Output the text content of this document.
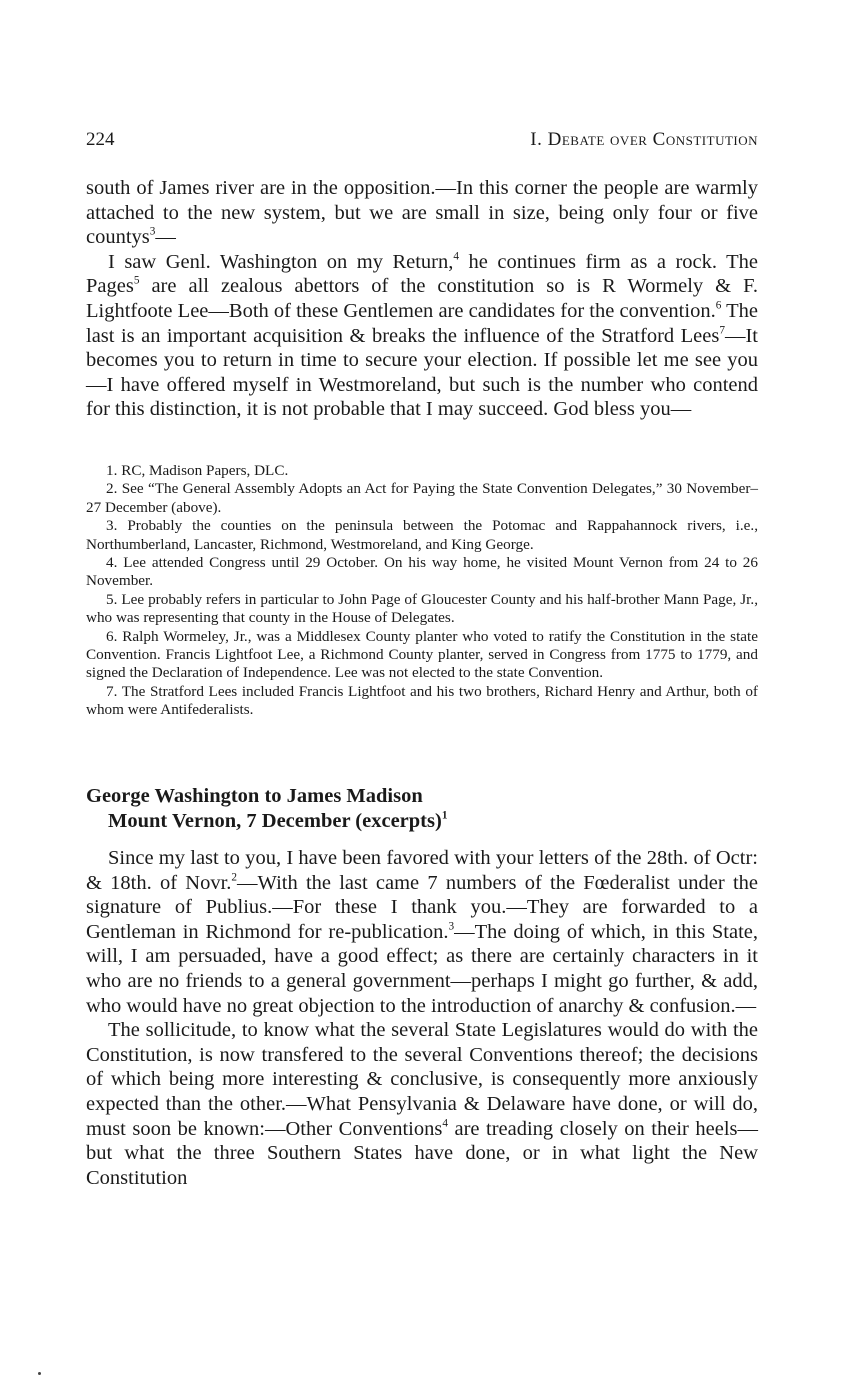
224	I. Debate over Constitution

south of James river are in the opposition.—In this corner the people are warmly attached to the new system, but we are small in size, being only four or five countys$^3$—

I saw Genl. Washington on my Return,$^4$ he continues firm as a rock. The Pages$^5$ are all zealous abettors of the constitution so is R Wormely & F. Lightfoote Lee—Both of these Gentlemen are candidates for the convention.$^6$ The last is an important acquisition & breaks the influence of the Stratford Lees$^7$—It becomes you to return in time to secure your election. If possible let me see you—I have offered myself in Westmoreland, but such is the number who contend for this distinction, it is not probable that I may succeed. God bless you—

1. RC, Madison Papers, DLC.

2. See “The General Assembly Adopts an Act for Paying the State Convention Delegates,” 30 November–27 December (above).

3. Probably the counties on the peninsula between the Potomac and Rappahannock rivers, i.e., Northumberland, Lancaster, Richmond, Westmoreland, and King George.

4. Lee attended Congress until 29 October. On his way home, he visited Mount Vernon from 24 to 26 November.

5. Lee probably refers in particular to John Page of Gloucester County and his half-brother Mann Page, Jr., who was representing that county in the House of Delegates.

6. Ralph Wormeley, Jr., was a Middlesex County planter who voted to ratify the Constitution in the state Convention. Francis Lightfoot Lee, a Richmond County planter, served in Congress from 1775 to 1779, and signed the Declaration of Independence. Lee was not elected to the state Convention.

7. The Stratford Lees included Francis Lightfoot and his two brothers, Richard Henry and Arthur, both of whom were Antifederalists.

George Washington to James Madison
Mount Vernon, 7 December (excerpts)$^1$

Since my last to you, I have been favored with your letters of the 28th. of Octr: & 18th. of Novr.$^2$—With the last came 7 numbers of the Fœderalist under the signature of Publius.—For these I thank you.—They are forwarded to a Gentleman in Richmond for re-publication.$^3$—The doing of which, in this State, will, I am persuaded, have a good effect; as there are certainly characters in it who are no friends to a general government—perhaps I might go further, & add, who would have no great objection to the introduction of anarchy & confusion.—

The sollicitude, to know what the several State Legislatures would do with the Constitution, is now transfered to the several Conventions thereof; the decisions of which being more interesting & conclusive, is consequently more anxiously expected than the other.—What Pensylvania & Delaware have done, or will do, must soon be known:—Other Conventions$^4$ are treading closely on their heels—but what the three Southern States have done, or in what light the New Constitution
